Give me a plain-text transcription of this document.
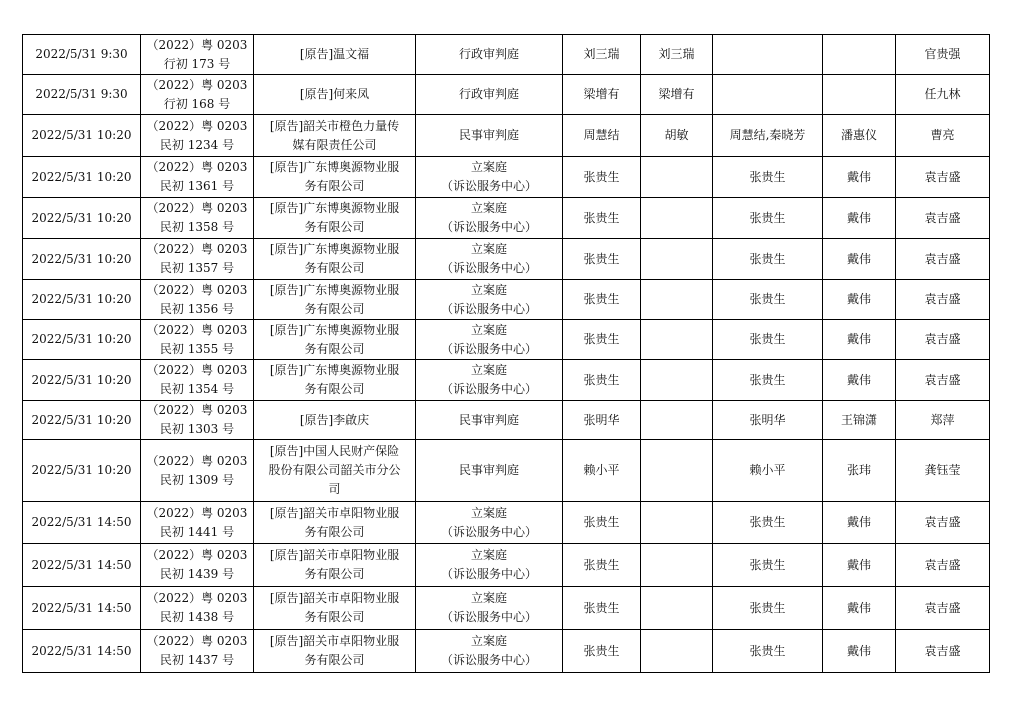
2022/5/31 9:30	（2022）粤 0203
行初 173 号	[原告]温文福	行政审判庭	刘三瑞	刘三瑞			官贵强
2022/5/31 9:30	（2022）粤 0203
行初 168 号	[原告]何来凤	行政审判庭	梁增有	梁增有			任九林
2022/5/31 10:20	（2022）粤 0203
民初 1234 号	[原告]韶关市橙色力量传
媒有限责任公司	民事审判庭	周慧结	胡敏	周慧结,秦晓芳	潘惠仪	曹亮
2022/5/31 10:20	（2022）粤 0203
民初 1361 号	[原告]广东博奥源物业服
务有限公司	立案庭
（诉讼服务中心）	张贵生		张贵生	戴伟	袁吉盛
2022/5/31 10:20	（2022）粤 0203
民初 1358 号	[原告]广东博奥源物业服
务有限公司	立案庭
（诉讼服务中心）	张贵生		张贵生	戴伟	袁吉盛
2022/5/31 10:20	（2022）粤 0203
民初 1357 号	[原告]广东博奥源物业服
务有限公司	立案庭
（诉讼服务中心）	张贵生		张贵生	戴伟	袁吉盛
2022/5/31 10:20	（2022）粤 0203
民初 1356 号	[原告]广东博奥源物业服
务有限公司	立案庭
（诉讼服务中心）	张贵生		张贵生	戴伟	袁吉盛
2022/5/31 10:20	（2022）粤 0203
民初 1355 号	[原告]广东博奥源物业服
务有限公司	立案庭
（诉讼服务中心）	张贵生		张贵生	戴伟	袁吉盛
2022/5/31 10:20	（2022）粤 0203
民初 1354 号	[原告]广东博奥源物业服
务有限公司	立案庭
（诉讼服务中心）	张贵生		张贵生	戴伟	袁吉盛
2022/5/31 10:20	（2022）粤 0203
民初 1303 号	[原告]李啟庆	民事审判庭	张明华		张明华	王锦潇	郑萍
2022/5/31 10:20	（2022）粤 0203
民初 1309 号	[原告]中国人民财产保险
股份有限公司韶关市分公
司	民事审判庭	赖小平		赖小平	张玮	龚钰莹
2022/5/31 14:50	（2022）粤 0203
民初 1441 号	[原告]韶关市卓阳物业服
务有限公司	立案庭
（诉讼服务中心）	张贵生		张贵生	戴伟	袁吉盛
2022/5/31 14:50	（2022）粤 0203
民初 1439 号	[原告]韶关市卓阳物业服
务有限公司	立案庭
（诉讼服务中心）	张贵生		张贵生	戴伟	袁吉盛
2022/5/31 14:50	（2022）粤 0203
民初 1438 号	[原告]韶关市卓阳物业服
务有限公司	立案庭
（诉讼服务中心）	张贵生		张贵生	戴伟	袁吉盛
2022/5/31 14:50	（2022）粤 0203
民初 1437 号	[原告]韶关市卓阳物业服
务有限公司	立案庭
（诉讼服务中心）	张贵生		张贵生	戴伟	袁吉盛
